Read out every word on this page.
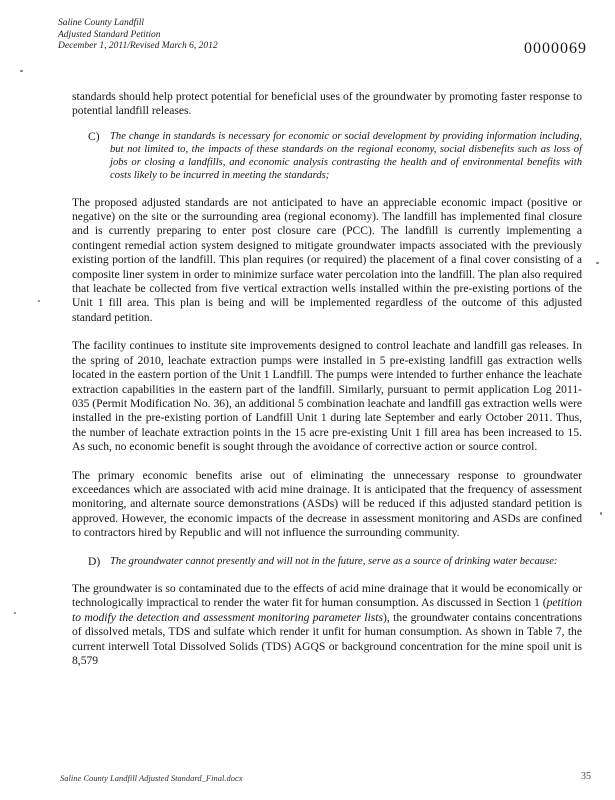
Saline County Landfill
Adjusted Standard Petition
December 1, 2011/Revised March 6, 2012	0000069

standards should help protect potential for beneficial uses of the groundwater by promoting faster response to potential landfill releases.

C) The change in standards is necessary for economic or social development by providing information including, but not limited to, the impacts of these standards on the regional economy, social disbenefits such as loss of jobs or closing a landfills, and economic analysis contrasting the health and of environmental benefits with costs likely to be incurred in meeting the standards;

The proposed adjusted standards are not anticipated to have an appreciable economic impact (positive or negative) on the site or the surrounding area (regional economy). The landfill has implemented final closure and is currently preparing to enter post closure care (PCC). The landfill is currently implementing a contingent remedial action system designed to mitigate groundwater impacts associated with the previously existing portion of the landfill. This plan requires (or required) the placement of a final cover consisting of a composite liner system in order to minimize surface water percolation into the landfill. The plan also required that leachate be collected from five vertical extraction wells installed within the pre-existing portions of the Unit 1 fill area. This plan is being and will be implemented regardless of the outcome of this adjusted standard petition.

The facility continues to institute site improvements designed to control leachate and landfill gas releases. In the spring of 2010, leachate extraction pumps were installed in 5 pre-existing landfill gas extraction wells located in the eastern portion of the Unit 1 Landfill. The pumps were intended to further enhance the leachate extraction capabilities in the eastern part of the landfill. Similarly, pursuant to permit application Log 2011-035 (Permit Modification No. 36), an additional 5 combination leachate and landfill gas extraction wells were installed in the pre-existing portion of Landfill Unit 1 during late September and early October 2011. Thus, the number of leachate extraction points in the 15 acre pre-existing Unit 1 fill area has been increased to 15. As such, no economic benefit is sought through the avoidance of corrective action or source control.

The primary economic benefits arise out of eliminating the unnecessary response to groundwater exceedances which are associated with acid mine drainage. It is anticipated that the frequency of assessment monitoring, and alternate source demonstrations (ASDs) will be reduced if this adjusted standard petition is approved. However, the economic impacts of the decrease in assessment monitoring and ASDs are confined to contractors hired by Republic and will not influence the surrounding community.

D) The groundwater cannot presently and will not in the future, serve as a source of drinking water because:

The groundwater is so contaminated due to the effects of acid mine drainage that it would be economically or technologically impractical to render the water fit for human consumption. As discussed in Section 1 (petition to modify the detection and assessment monitoring parameter lists), the groundwater contains concentrations of dissolved metals, TDS and sulfate which render it unfit for human consumption. As shown in Table 7, the current interwell Total Dissolved Solids (TDS) AGQS or background concentration for the mine spoil unit is 8,579

Saline County Landfill Adjusted Standard_Final.docx	35
